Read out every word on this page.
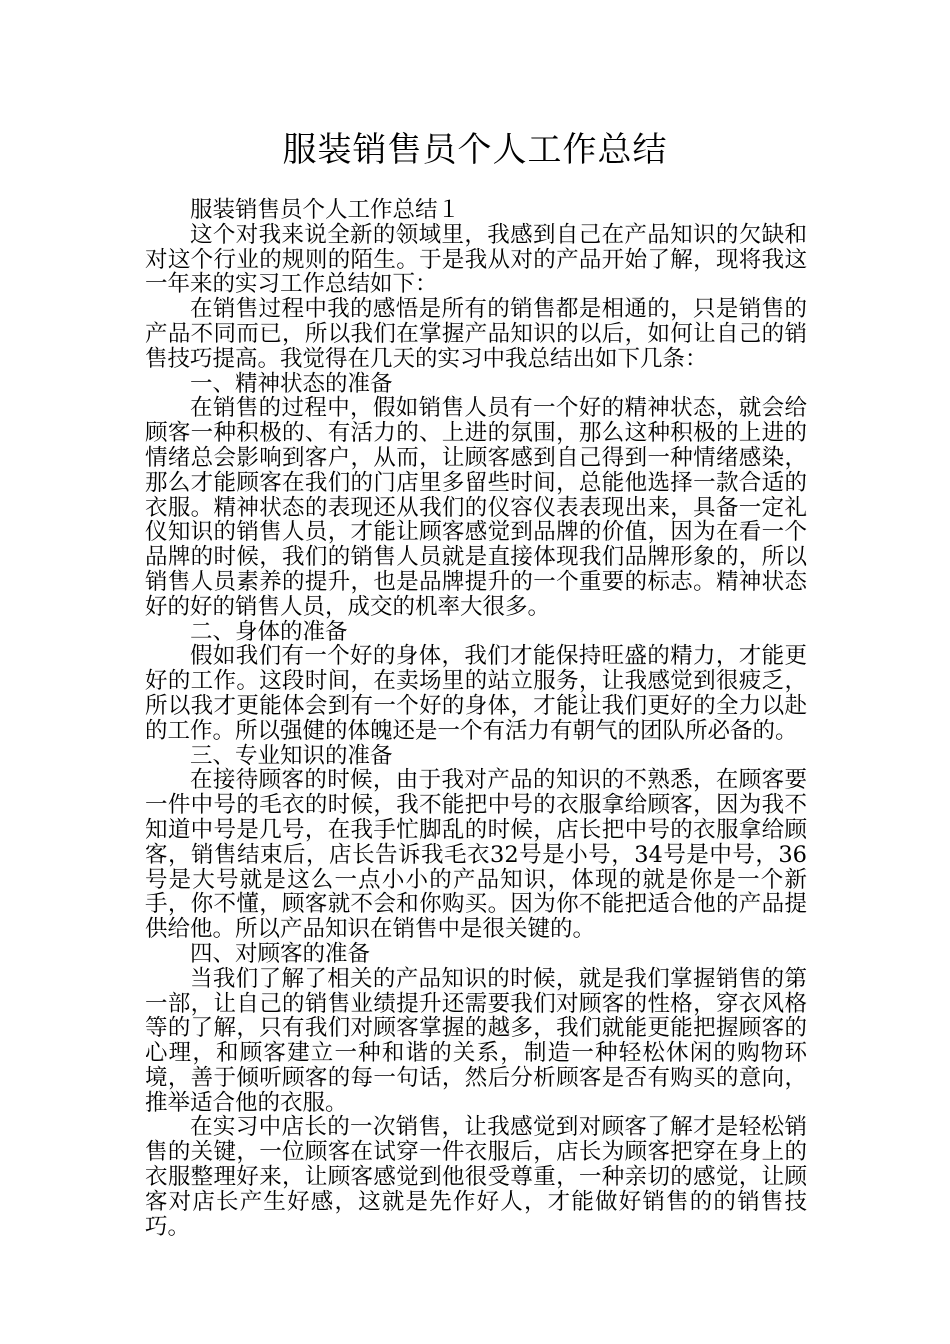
服装销售员个人工作总结

服装销售员个人工作总结１

这个对我来说全新的领域里，我感到自己在产品知识的欠缺和对这个行业的规则的陌生。于是我从对的产品开始了解，现将我这一年来的实习工作总结如下：

在销售过程中我的感悟是所有的销售都是相通的，只是销售的产品不同而已，所以我们在掌握产品知识的以后，如何让自己的销售技巧提高。我觉得在几天的实习中我总结出如下几条：

一、精神状态的准备

在销售的过程中，假如销售人员有一个好的精神状态，就会给顾客一种积极的、有活力的、上进的氛围，那么这种积极的上进的情绪总会影响到客户，从而，让顾客感到自己得到一种情绪感染，那么才能顾客在我们的门店里多留些时间，总能他选择一款合适的衣服。精神状态的表现还从我们的仪容仪表表现出来，具备一定礼仪知识的销售人员，才能让顾客感觉到品牌的价值，因为在看一个品牌的时候，我们的销售人员就是直接体现我们品牌形象的，所以销售人员素养的提升，也是品牌提升的一个重要的标志。精神状态好的好的销售人员，成交的机率大很多。

二、身体的准备

假如我们有一个好的身体，我们才能保持旺盛的精力，才能更好的工作。这段时间，在卖场里的站立服务，让我感觉到很疲乏，所以我才更能体会到有一个好的身体，才能让我们更好的全力以赴的工作。所以强健的体魄还是一个有活力有朝气的团队所必备的。

三、专业知识的准备

在接待顾客的时候，由于我对产品的知识的不熟悉，在顾客要一件中号的毛衣的时候，我不能把中号的衣服拿给顾客，因为我不知道中号是几号，在我手忙脚乱的时候，店长把中号的衣服拿给顾客，销售结束后，店长告诉我毛衣32号是小号，34号是中号，36号是大号就是这么一点小小的产品知识，体现的就是你是一个新手，你不懂，顾客就不会和你购买。因为你不能把适合他的产品提供给他。所以产品知识在销售中是很关键的。

四、对顾客的准备

当我们了解了相关的产品知识的时候，就是我们掌握销售的第一部，让自己的销售业绩提升还需要我们对顾客的性格，穿衣风格等的了解，只有我们对顾客掌握的越多，我们就能更能把握顾客的心理，和顾客建立一种和谐的关系，制造一种轻松休闲的购物环境，善于倾听顾客的每一句话，然后分析顾客是否有购买的意向，推举适合他的衣服。

在实习中店长的一次销售，让我感觉到对顾客了解才是轻松销售的关键，一位顾客在试穿一件衣服后，店长为顾客把穿在身上的衣服整理好来，让顾客感觉到他很受尊重，一种亲切的感觉，让顾客对店长产生好感，这就是先作好人，才能做好销售的的销售技巧。
